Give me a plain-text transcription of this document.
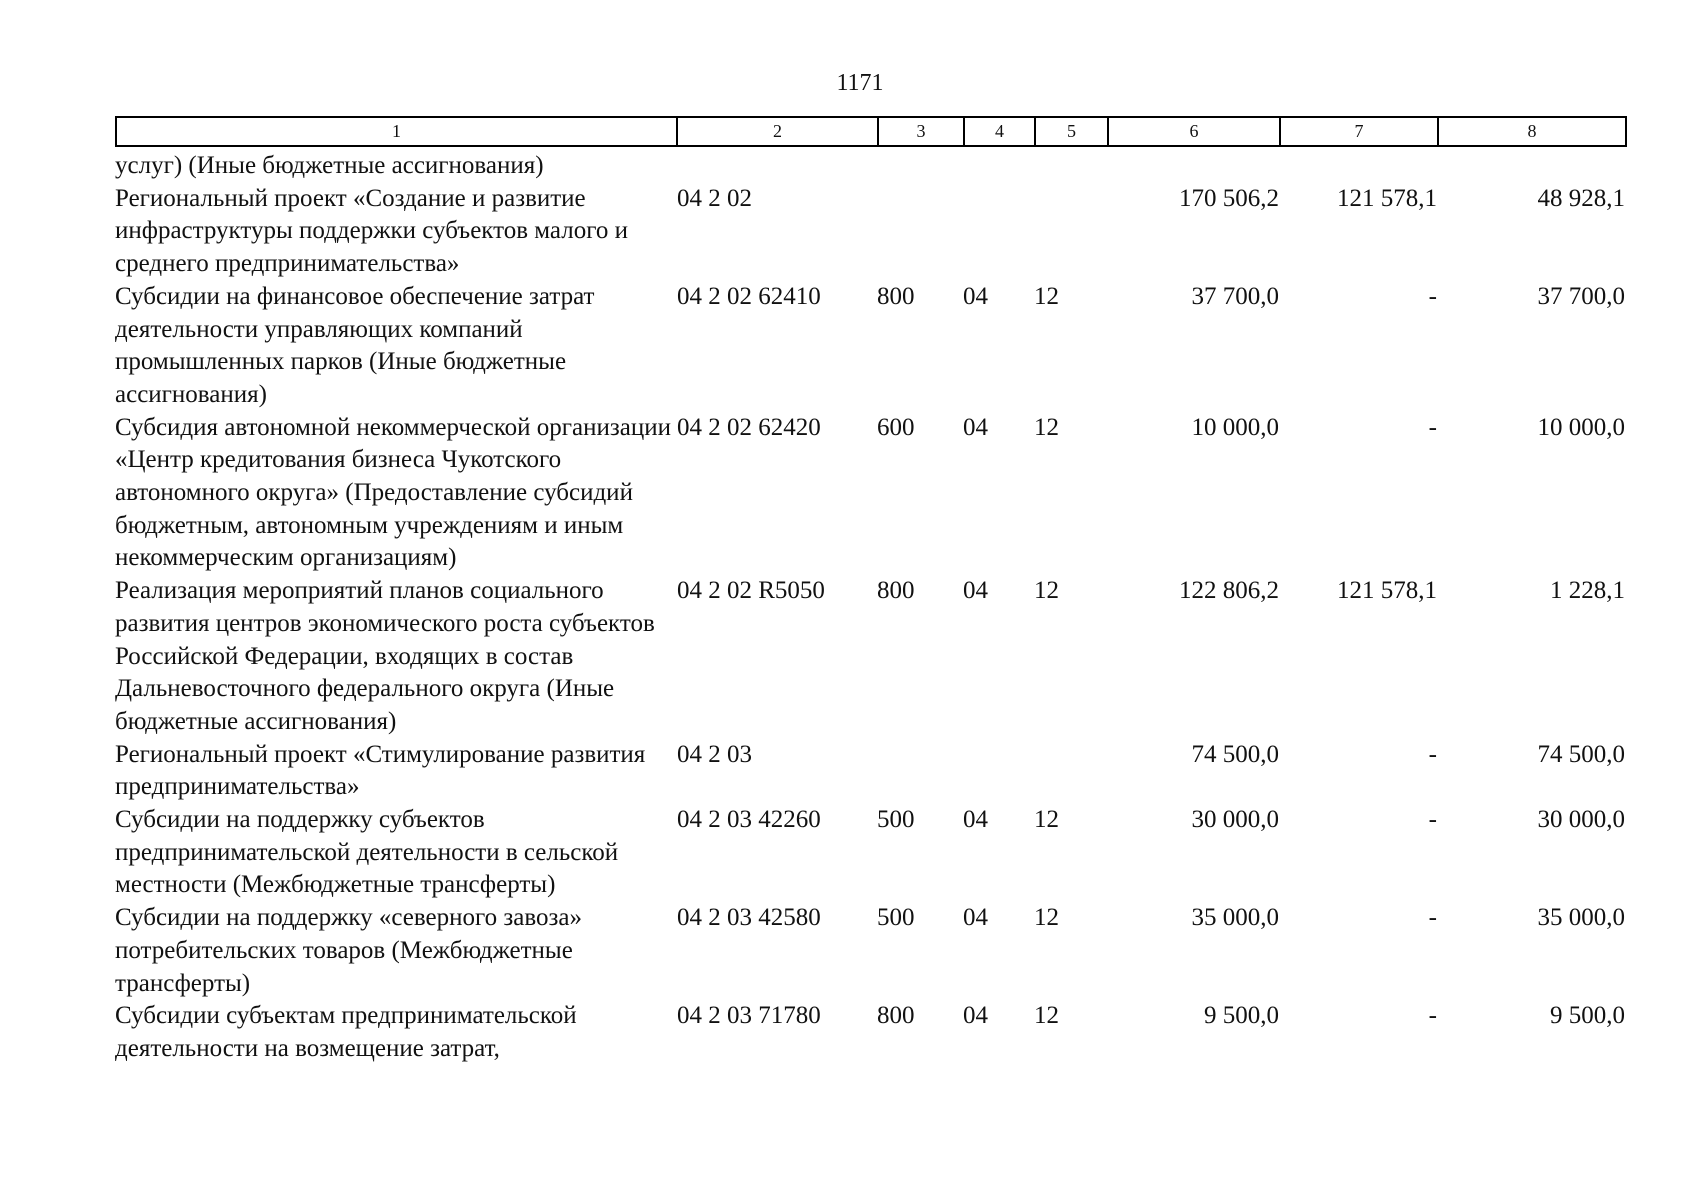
1171
1	2	3	4	5	6	7	8
услуг) (Иные бюджетные ассигнования)							
Региональный проект «Создание и развитие инфраструктуры поддержки субъектов малого и среднего предпринимательства»	04 2 02				170 506,2	121 578,1	48 928,1
Субсидии на финансовое обеспечение затрат деятельности управляющих компаний промышленных парков (Иные бюджетные ассигнования)	04 2 02 62410	800	04	12	37 700,0	-	37 700,0
Субсидия автономной некоммерческой организации «Центр кредитования бизнеса Чукотского автономного округа» (Предоставление субсидий бюджетным, автономным учреждениям и иным некоммерческим организациям)	04 2 02 62420	600	04	12	10 000,0	-	10 000,0
Реализация мероприятий планов социального развития центров экономического роста субъектов Российской Федерации, входящих в состав Дальневосточного федерального округа (Иные бюджетные ассигнования)	04 2 02 R5050	800	04	12	122 806,2	121 578,1	1 228,1
Региональный проект «Стимулирование развития предпринимательства»	04 2 03				74 500,0	-	74 500,0
Субсидии на поддержку субъектов предпринимательской деятельности в сельской местности (Межбюджетные трансферты)	04 2 03 42260	500	04	12	30 000,0	-	30 000,0
Субсидии на поддержку «северного завоза» потребительских товаров (Межбюджетные трансферты)	04 2 03 42580	500	04	12	35 000,0	-	35 000,0
Субсидии субъектам предпринимательской деятельности на возмещение затрат,	04 2 03 71780	800	04	12	9 500,0	-	9 500,0
